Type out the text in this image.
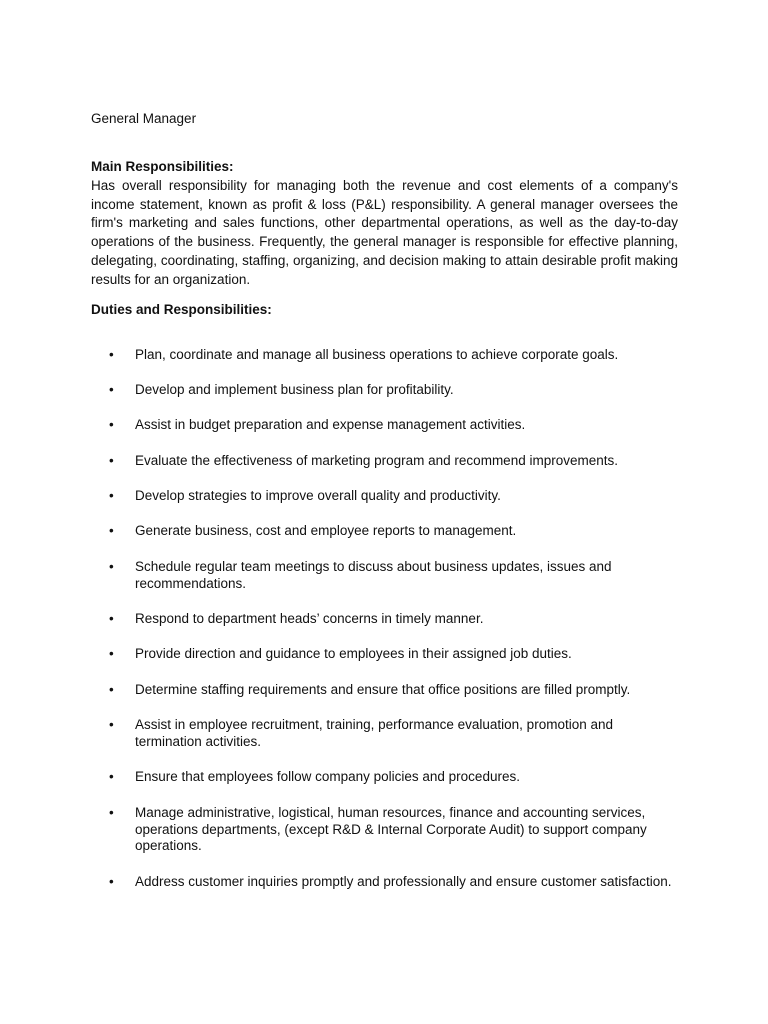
General Manager
Main Responsibilities:

Has overall responsibility for managing both the revenue and cost elements of a company's income statement, known as profit & loss (P&L) responsibility. A general manager oversees the firm's marketing and sales functions, other departmental operations, as well as the day-to-day operations of the business. Frequently, the general manager is responsible for effective planning, delegating, coordinating, staffing, organizing, and decision making to attain desirable profit making results for an organization.

Duties and Responsibilities:
• Plan, coordinate and manage all business operations to achieve corporate goals.
• Develop and implement business plan for profitability.
• Assist in budget preparation and expense management activities.
• Evaluate the effectiveness of marketing program and recommend improvements.
• Develop strategies to improve overall quality and productivity.
• Generate business, cost and employee reports to management.
• Schedule regular team meetings to discuss about business updates, issues and recommendations.
• Respond to department heads’ concerns in timely manner.
• Provide direction and guidance to employees in their assigned job duties.
• Determine staffing requirements and ensure that office positions are filled promptly.
• Assist in employee recruitment, training, performance evaluation, promotion and termination activities.
• Ensure that employees follow company policies and procedures.
• Manage administrative, logistical, human resources, finance and accounting services, operations departments, (except R&D & Internal Corporate Audit) to support company operations.
• Address customer inquiries promptly and professionally and ensure customer satisfaction.
